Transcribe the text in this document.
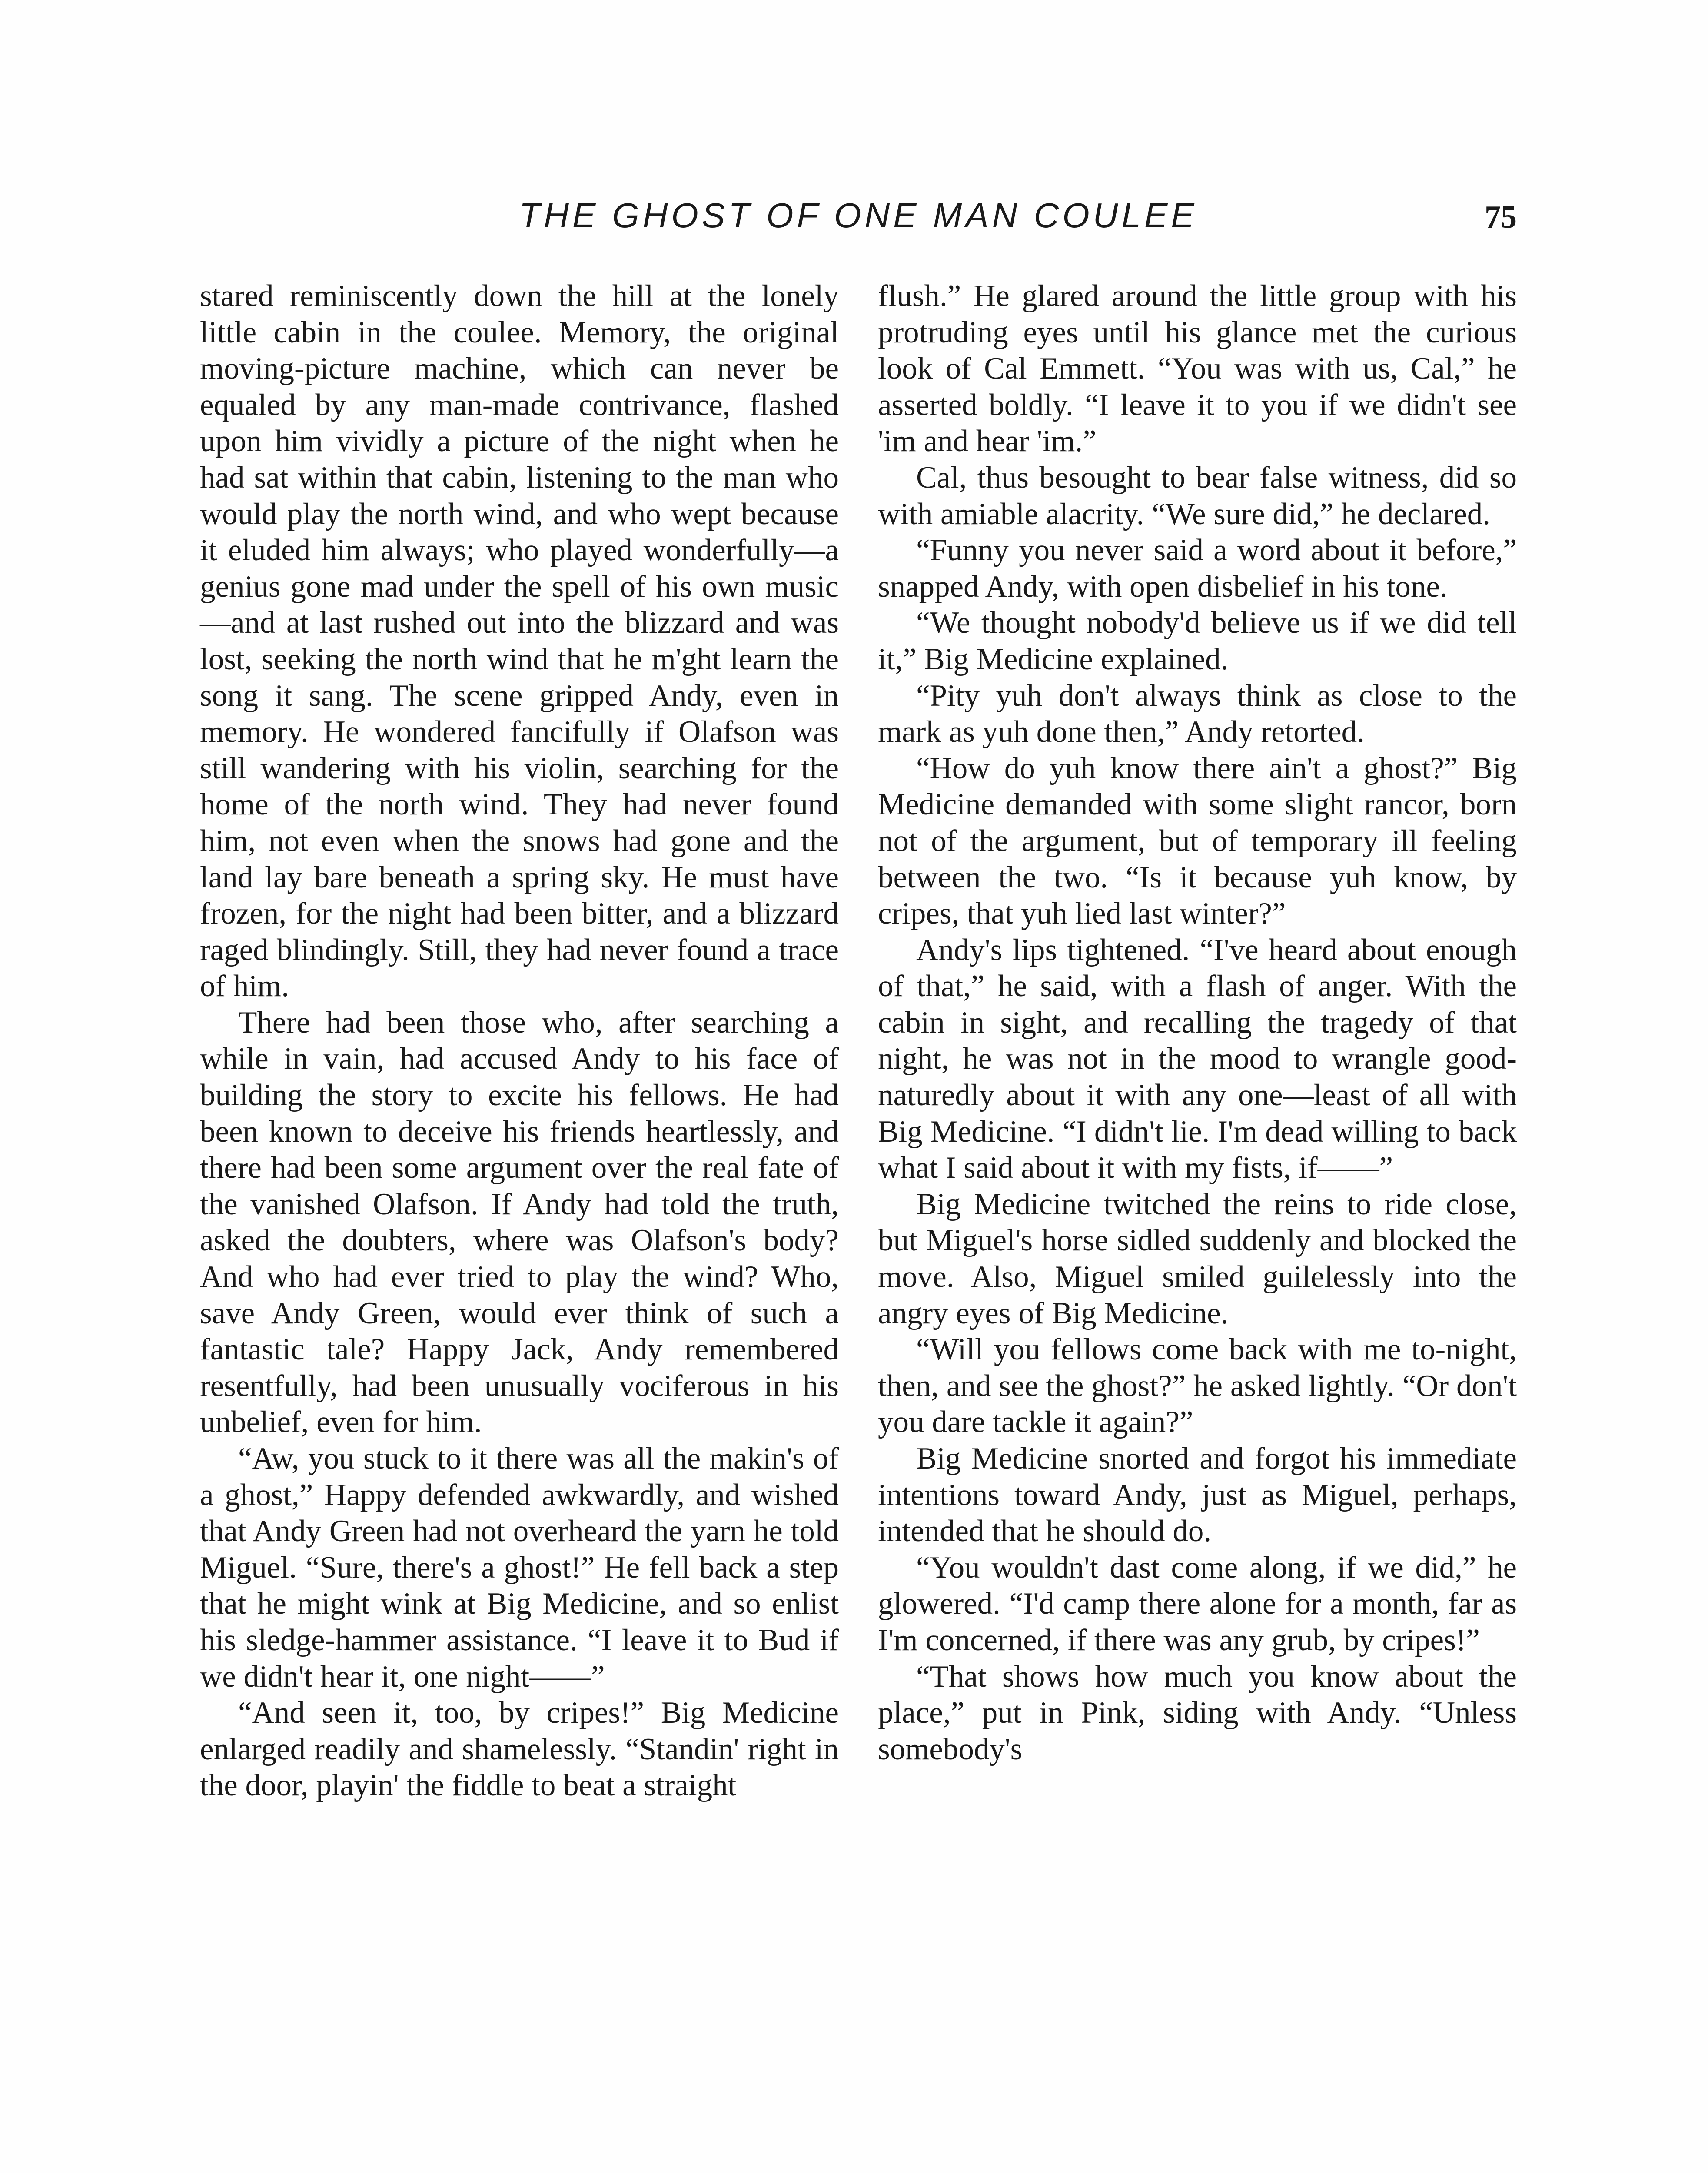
THE GHOST OF ONE MAN COULEE	75

stared reminiscently down the hill at the lonely little cabin in the coulee. Memory, the original moving-picture machine, which can never be equaled by any man-made contrivance, flashed upon him vividly a picture of the night when he had sat within that cabin, listening to the man who would play the north wind, and who wept because it eluded him always; who played wonderfully—a genius gone mad under the spell of his own music—and at last rushed out into the blizzard and was lost, seeking the north wind that he m'ght learn the song it sang. The scene gripped Andy, even in memory. He wondered fancifully if Olafson was still wandering with his violin, searching for the home of the north wind. They had never found him, not even when the snows had gone and the land lay bare beneath a spring sky. He must have frozen, for the night had been bitter, and a blizzard raged blindingly. Still, they had never found a trace of him.

There had been those who, after searching a while in vain, had accused Andy to his face of building the story to excite his fellows. He had been known to deceive his friends heartlessly, and there had been some argument over the real fate of the vanished Olafson. If Andy had told the truth, asked the doubters, where was Olafson's body? And who had ever tried to play the wind? Who, save Andy Green, would ever think of such a fantastic tale? Happy Jack, Andy remembered resentfully, had been unusually vociferous in his unbelief, even for him.

“Aw, you stuck to it there was all the makin's of a ghost,” Happy defended awkwardly, and wished that Andy Green had not overheard the yarn he told Miguel. “Sure, there's a ghost!” He fell back a step that he might wink at Big Medicine, and so enlist his sledge-hammer assistance. “I leave it to Bud if we didn't hear it, one night——”

“And seen it, too, by cripes!” Big Medicine enlarged readily and shamelessly. “Standin' right in the door, playin' the fiddle to beat a straight

flush.” He glared around the little group with his protruding eyes until his glance met the curious look of Cal Emmett. “You was with us, Cal,” he asserted boldly. “I leave it to you if we didn't see 'im and hear 'im.”

Cal, thus besought to bear false witness, did so with amiable alacrity. “We sure did,” he declared.

“Funny you never said a word about it before,” snapped Andy, with open disbelief in his tone.

“We thought nobody'd believe us if we did tell it,” Big Medicine explained.

“Pity yuh don't always think as close to the mark as yuh done then,” Andy retorted.

“How do yuh know there ain't a ghost?” Big Medicine demanded with some slight rancor, born not of the argument, but of temporary ill feeling between the two. “Is it because yuh know, by cripes, that yuh lied last winter?”

Andy's lips tightened. “I've heard about enough of that,” he said, with a flash of anger. With the cabin in sight, and recalling the tragedy of that night, he was not in the mood to wrangle good-naturedly about it with any one—least of all with Big Medicine. “I didn't lie. I'm dead willing to back what I said about it with my fists, if——”

Big Medicine twitched the reins to ride close, but Miguel's horse sidled suddenly and blocked the move. Also, Miguel smiled guilelessly into the angry eyes of Big Medicine.

“Will you fellows come back with me to-night, then, and see the ghost?” he asked lightly. “Or don't you dare tackle it again?”

Big Medicine snorted and forgot his immediate intentions toward Andy, just as Miguel, perhaps, intended that he should do.

“You wouldn't dast come along, if we did,” he glowered. “I'd camp there alone for a month, far as I'm concerned, if there was any grub, by cripes!”

“That shows how much you know about the place,” put in Pink, siding with Andy. “Unless somebody's
